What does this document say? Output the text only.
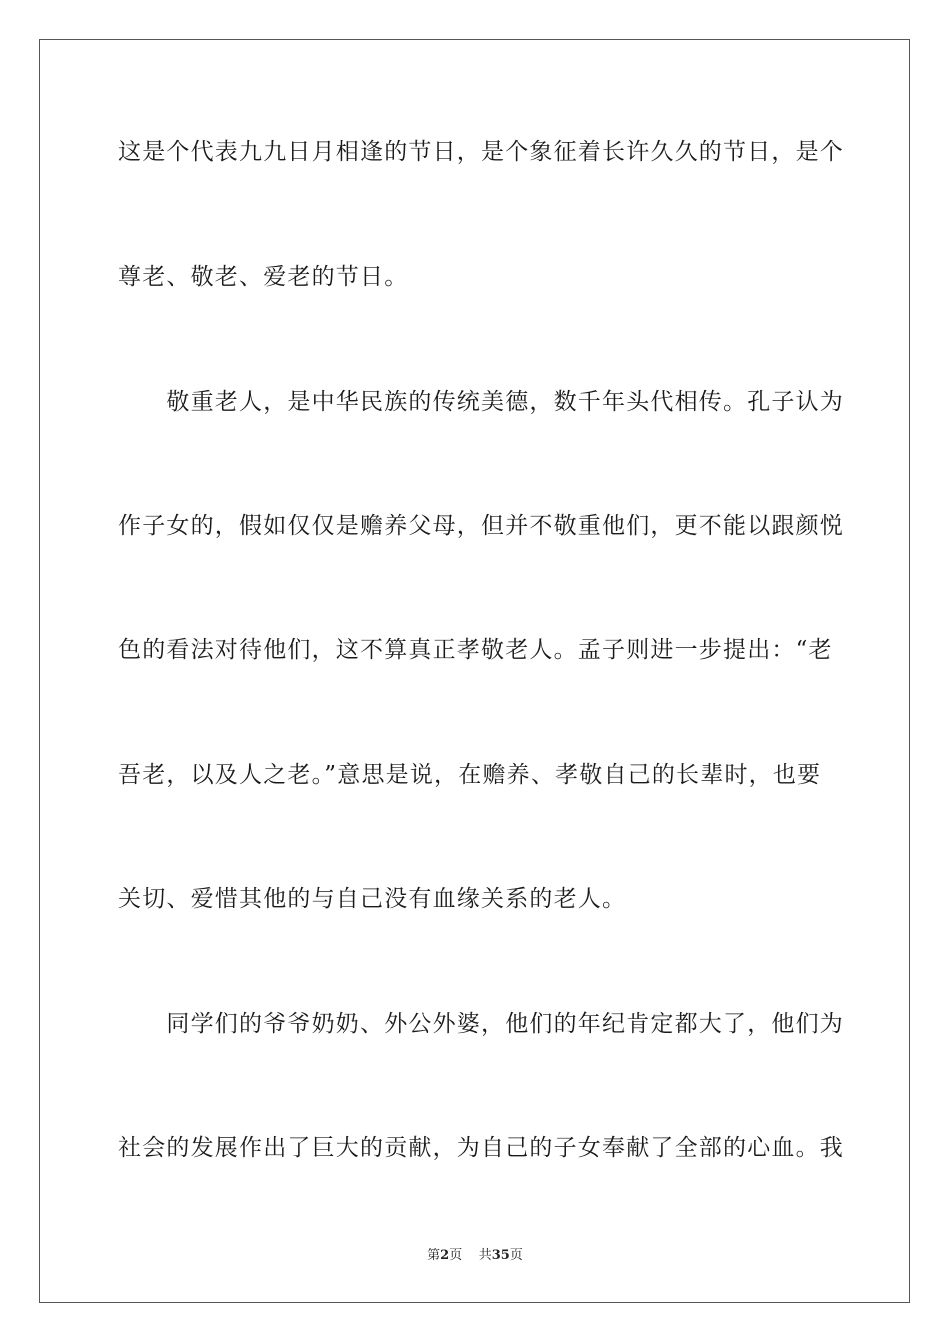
这是个代表九九日月相逢的节日，是个象征着长许久久的节日，是个
尊老、敬老、爱老的节日。
　　敬重老人，是中华民族的传统美德，数千年头代相传。孔子认为
作子女的，假如仅仅是赡养父母，但并不敬重他们，更不能以跟颜悦
色的看法对待他们，这不算真正孝敬老人。孟子则进一步提出：“老
吾老，以及人之老。”意思是说，在赡养、孝敬自己的长辈时，也要
关切、爱惜其他的与自己没有血缘关系的老人。
　　同学们的爷爷奶奶、外公外婆，他们的年纪肯定都大了，他们为
社会的发展作出了巨大的贡献，为自己的子女奉献了全部的心血。我
第2页 共35页
